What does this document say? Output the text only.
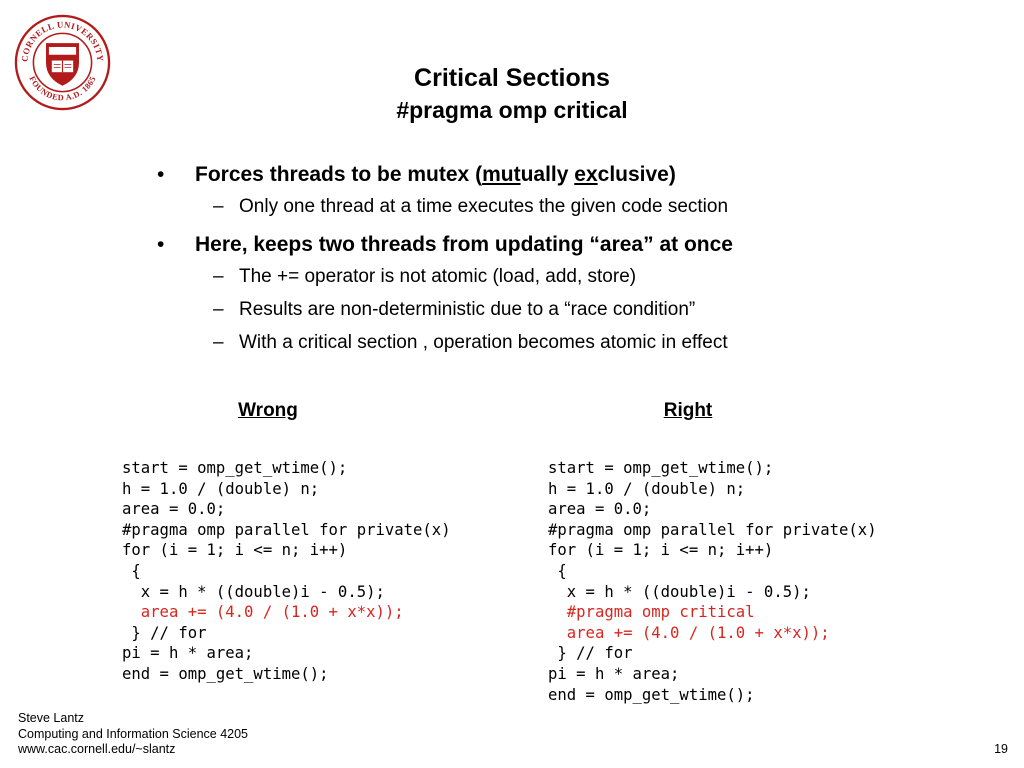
CORNELL UNIVERSITY
FOUNDED A.D. 1865	Critical Sections
#pragma omp critical
• Forces threads to be mutex (mutually exclusive)
– Only one thread at a time executes the given code section
• Here, keeps two threads from updating “area” at once
– The += operator is not atomic (load, add, store)
– Results are non-deterministic due to a “race condition”
– With a critical section , operation becomes atomic in effect
Wrong	Right
start = omp_get_wtime();
h = 1.0 / (double) n;
area = 0.0;
#pragma omp parallel for private(x)
for (i = 1; i <= n; i++)
{
x = h * ((double)i - 0.5);
area += (4.0 / (1.0 + x*x));
} // for
pi = h * area;
end = omp_get_wtime();
start = omp_get_wtime();
h = 1.0 / (double) n;
area = 0.0;
#pragma omp parallel for private(x)
for (i = 1; i <= n; i++)
{
x = h * ((double)i - 0.5);
#pragma omp critical
area += (4.0 / (1.0 + x*x));
} // for
pi = h * area;
end = omp_get_wtime();
Steve Lantz
Computing and Information Science 4205
www.cac.cornell.edu/~slantz	19
